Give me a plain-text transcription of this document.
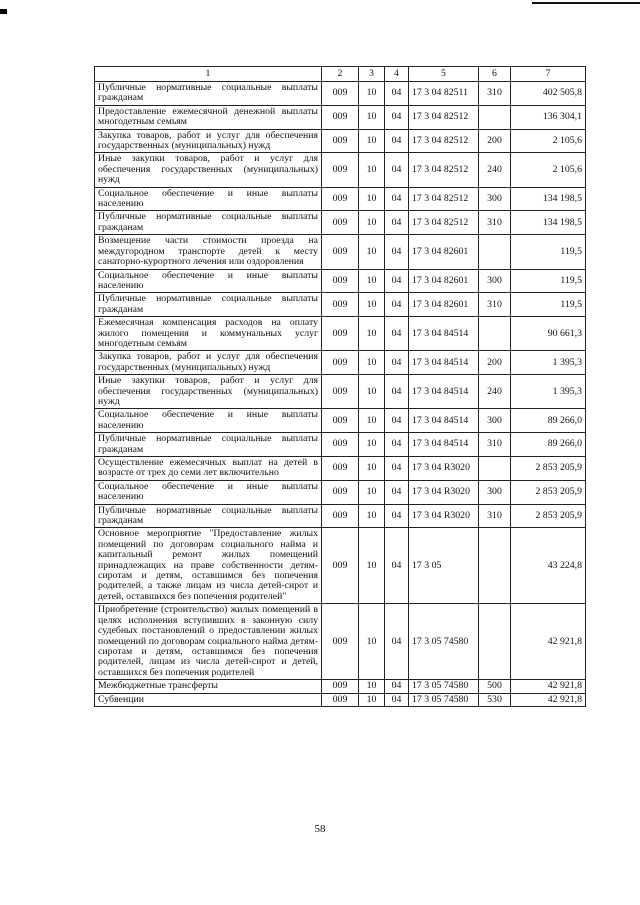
1	2	3	4	5	6	7
Публичные нормативные социальные выплаты гражданам	009	10	04	17 3 04 82511	310	402 505,8
Предоставление ежемесячной денежной выплаты многодетным семьям	009	10	04	17 3 04 82512		136 304,1
Закупка товаров, работ и услуг для обеспечения государственных (муниципальных) нужд	009	10	04	17 3 04 82512	200	2 105,6
Иные закупки товаров, работ и услуг для обеспечения государственных (муниципальных) нужд	009	10	04	17 3 04 82512	240	2 105,6
Социальное обеспечение и иные выплаты населению	009	10	04	17 3 04 82512	300	134 198,5
Публичные нормативные социальные выплаты гражданам	009	10	04	17 3 04 82512	310	134 198,5
Возмещение части стоимости проезда на междугородном транспорте детей к месту санаторно-курортного лечения или оздоровления	009	10	04	17 3 04 82601		119,5
Социальное обеспечение и иные выплаты населению	009	10	04	17 3 04 82601	300	119,5
Публичные нормативные социальные выплаты гражданам	009	10	04	17 3 04 82601	310	119,5
Ежемесячная компенсация расходов на оплату жилого помещения и коммунальных услуг многодетным семьям	009	10	04	17 3 04 84514		90 661,3
Закупка товаров, работ и услуг для обеспечения государственных (муниципальных) нужд	009	10	04	17 3 04 84514	200	1 395,3
Иные закупки товаров, работ и услуг для обеспечения государственных (муниципальных) нужд	009	10	04	17 3 04 84514	240	1 395,3
Социальное обеспечение и иные выплаты населению	009	10	04	17 3 04 84514	300	89 266,0
Публичные нормативные социальные выплаты гражданам	009	10	04	17 3 04 84514	310	89 266,0
Осуществление ежемесячных выплат на детей в возрасте от трех до семи лет включительно	009	10	04	17 3 04 R3020		2 853 205,9
Социальное обеспечение и иные выплаты населению	009	10	04	17 3 04 R3020	300	2 853 205,9
Публичные нормативные социальные выплаты гражданам	009	10	04	17 3 04 R3020	310	2 853 205,9
Основное мероприятие "Предоставление жилых помещений по договорам социального найма и капитальный ремонт жилых помещений принадлежащих на праве собственности детям-сиротам и детям, оставшимся без попечения родителей, а также лицам из числа детей-сирот и детей, оставшихся без попечения родителей"	009	10	04	17 3 05		43 224,8
Приобретение (строительство) жилых помещений в целях исполнения вступивших в законную силу судебных постановлений о предоставлении жилых помещений по договорам социального найма детям-сиротам и детям, оставшимся без попечения родителей, лицам из числа детей-сирот и детей, оставшихся без попечения родителей	009	10	04	17 3 05 74580		42 921,8
Межбюджетные трансферты	009	10	04	17 3 05 74580	500	42 921,8
Субвенции	009	10	04	17 3 05 74580	530	42 921,8
58
